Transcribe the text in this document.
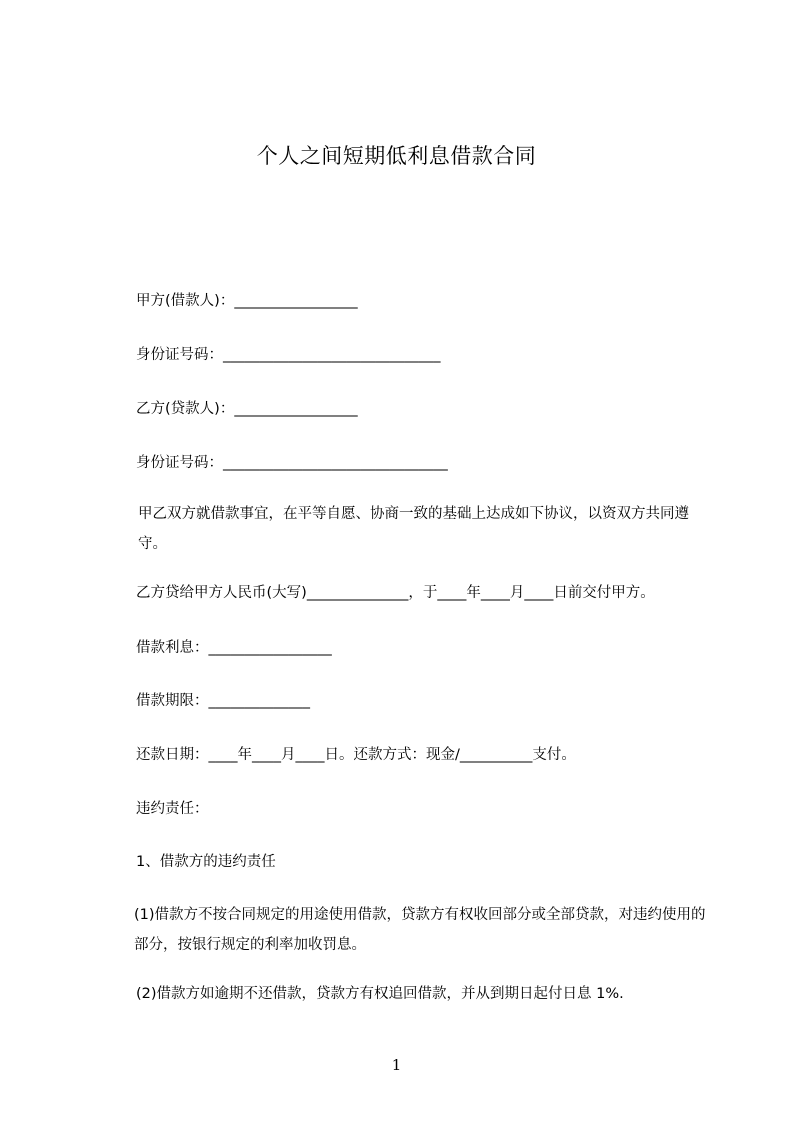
个人之间短期低利息借款合同
甲方(借款人)：_________________
身份证号码：______________________________
乙方(贷款人)：_________________
身份证号码：_______________________________
甲乙双方就借款事宜，在平等自愿、协商一致的基础上达成如下协议，以资双方共同遵守。
乙方贷给甲方人民币(大写)______________，于____年____月____日前交付甲方。
借款利息：_________________
借款期限：______________
还款日期：____年____月____日。还款方式：现金/__________支付。
违约责任：
1、借款方的违约责任
(1)借款方不按合同规定的用途使用借款，贷款方有权收回部分或全部贷款，对违约使用的部分，按银行规定的利率加收罚息。
(2)借款方如逾期不还借款，贷款方有权追回借款，并从到期日起付日息 1%.
1
